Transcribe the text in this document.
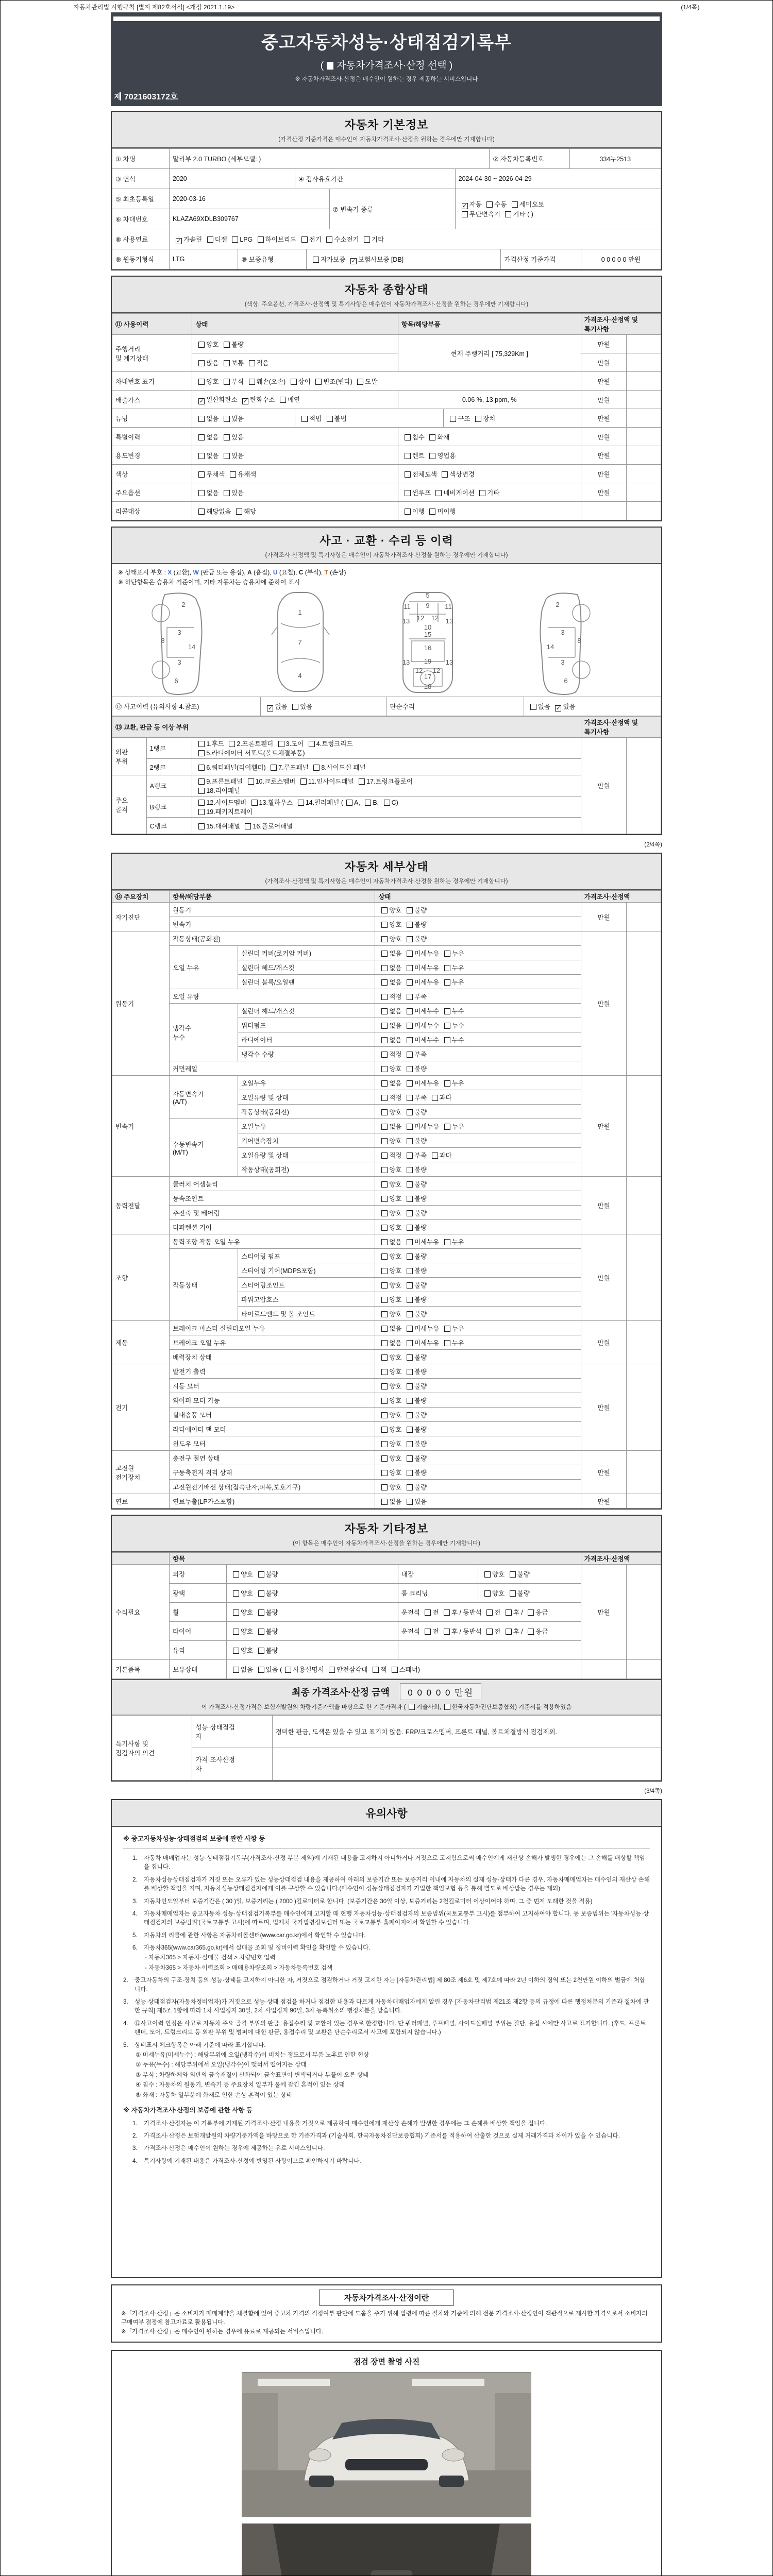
자동차관리법 시행규칙 [별지 제82호서식] <개정 2021.1.19>	(1/4쪽)
중고자동차성능·상태점검기록부
( 자동차가격조사·산정 선택 )
※ 자동차가격조사·산정은 매수인이 원하는 경우 제공하는 서비스입니다
제 7021603172호
자동차 기본정보
(가격산정 기준가격은 매수인이 자동차가격조사·산정을 원하는 경우에만 기재합니다)
① 차명	말리부 2.0 TURBO (세부모델: )						② 자동차등록번호		334누2513	
③ 연식	2020		④ 검사유효기간			2024-04-30 ~ 2026-04-29				
⑤ 최초등록일	2020-03-16				⑦ 변속기 종류	✓자동 수동 세미오토
무단변속기 기타 ( )
⑥ 차대번호	KLAZA69XDLB309767									
⑧ 사용연료	✓가솔린 디젤 LPG 하이브리드 전기 수소전기 기타
⑨ 원동기형식	LTG	⑩ 보증유형		자가보증 ✓보험사보증 [DB]				가격산정 기준가격		0 0 0 0 0 만원
자동차 종합상태
(색상, 주요옵션, 가격조사·산정액 및 특기사항은 매수인이 자동차가격조사·산정을 원하는 경우에만 기재합니다)
⑪ 사용이력	상태		항목/해당부품		가격조사·산정액 및 특기사항	
주행거리
및 계기상태	양호 불량		현재 주행거리 [ 75,329Km ]		만원	
	많음 보통 적음				만원	
차대번호 표기	양호 부식 훼손(오손) 상이 변조(변타) 도말				만원	
배출가스	✓일산화탄소 ✓탄화수소 매연		0.06 %, 13 ppm, %		만원	
튜닝	없음 있음	적법 불법		구조 장치	만원	
특별이력	없음 있음		침수 화재		만원	
용도변경	없음 있음		렌트 영업용		만원	
색상	무채색 유채색		전체도색 색상변경		만원	
주요옵션	없음 있음		썬루프 네비게이션 기타		만원	
리콜대상	해당없음 해당		이행 미이행			
사고 · 교환 · 수리 등 이력
(가격조사·산정액 및 특기사항은 매수인이 자동차가격조사·산정을 원하는 경우에만 기재합니다)
※ 상태표시 부호 : X (교환), W (판금 또는 용접), A (흠집), U (요철), C (부식), T (손상)
※ 하단항목은 승용차 기준이며, 기타 자동차는 승용차에 준하여 표시
2
8
3
14
3
6
1
7
4
5
11 9 11
13 12 12 13
10
15
16
19
13	13
12 12
17
18
2
8
3
14
3
6
⑫ 사고이력 (유의사항 4.참조)	✓없음 있음	단순수리	없음 ✓있음
⑬ 교환, 판금 등 이상 부위			가격조사·산정액 및 특기사항	
외판
부위	1랭크	1.후드 2.프론트휀더 3.도어 4.트렁크리드
5.라디에이터 서포트(볼트체결부품)	만원	
	2랭크	6.쿼터패널(리어휀더) 7.루프패널 8.사이드실 패널		
주요
골격	A랭크	9.프론트패널 10.크로스멤버 11.인사이드패널 17.트렁크플로어
18.리어패널		
	B랭크	12.사이드멤버 13.휠하우스 14.필러패널 ( A, B, C)
19.패키지트레이		
	C랭크	15.대쉬패널 16.플로어패널		
(2/4쪽)
자동차 세부상태
(가격조사·산정액 및 특기사항은 매수인이 자동차가격조사·산정을 원하는 경우에만 기재합니다)
⑭ 주요장치	항목/해당부품		상태	가격조사·산정액	
자기진단	원동기		양호 불량	만원	
	변속기		양호 불량		
원동기	작동상태(공회전)		양호 불량	만원	
	오일 누유	실린더 커버(로커암 커버)	없음 미세누유 누유		
		실린더 헤드/개스킷	없음 미세누유 누유		
		실린더 블록/오일팬	없음 미세누유 누유		
	오일 유량		적정 부족		
	냉각수
누수	실린더 헤드/개스킷	없음 미세누수 누수		
		워터펌프	없음 미세누수 누수		
		라디에이터	없음 미세누수 누수		
		냉각수 수량	적정 부족		
	커먼레일		양호 불량		
변속기	자동변속기
(A/T)	오일누유	없음 미세누유 누유	만원	
		오일유량 및 상태	적정 부족 과다		
		작동상태(공회전)	양호 불량		
	수동변속기
(M/T)	오일누유	없음 미세누유 누유		
		기어변속장치	양호 불량		
		오일유량 및 상태	적정 부족 과다		
		작동상태(공회전)	양호 불량		
동력전달	클러치 어셈블리		양호 불량	만원	
	등속조인트		양호 불량		
	추진축 및 베어링		양호 불량		
	디퍼렌셜 기어		양호 불량		
조향	동력조향 작동 오일 누유		없음 미세누유 누유	만원	
	작동상태	스티어링 펌프	양호 불량		
		스티어링 기어(MDPS포함)	양호 불량		
		스티어링조인트	양호 불량		
		파워고압호스	양호 불량		
		타이로드엔드 및 볼 조인트	양호 불량		
제동	브레이크 마스터 실린더오일 누유		없음 미세누유 누유	만원	
	브레이크 오일 누유		없음 미세누유 누유		
	배력장치 상태		양호 불량		
전기	발전기 출력		양호 불량	만원	
	시동 모터		양호 불량		
	와이퍼 모터 기능		양호 불량		
	실내송풍 모터		양호 불량		
	라디에이터 팬 모터		양호 불량		
	윈도우 모터		양호 불량		
고전원
전기장치	충전구 절연 상태		양호 불량	만원	
	구동축전지 격리 상태		양호 불량		
	고전원전기배선 상태(접속단자,피복,보호기구)		양호 불량		
연료	연료누출(LP가스포함)		없음 있음	만원	
자동차 기타정보
(이 항목은 매수인이 자동차가격조사·산정을 원하는 경우에만 기재합니다)
	항목				가격조사·산정액	
수리필요	외장	양호 불량	내장	양호 불량	만원	
	광택	양호 불량	룸 크리닝	양호 불량		
	휠	양호 불량	운전석 전 후 / 동반석 전 후 / 응급			
	타이어	양호 불량	운전석 전 후 / 동반석 전 후 / 응급			
	유리	양호 불량				
기본품목	보유상태	없음 있음 ( 사용설명서 안전삼각대 잭 스패너)				
최종 가격조사·산정 금액 0 0 0 0 0 만원
이 가격조사·산정가격은 보험개발원의 차량기준가액을 바탕으로 한 기준가격과 ( 기술사회, 한국자동차진단보증협회) 기준서를 적용하였음
특기사항 및
점검자의 의견	성능·상태점검
자	경미한 판금, 도색은 있을 수 있고 표기치 않음. FRP/크로스멤버, 프론트 패널, 볼트체결방식 점검제외.
	가격·조사산정
자	
(3/4쪽)
유의사항
※ 중고자동차성능·상태점검의 보증에 관한 사항 등
1.	자동차 매매업자는 성능·상태점검기록부(가격조사·산정 부분 제외)에 기재된 내용을 고지하지 아니하거나 거짓으로 고지함으로써 매수인에게 재산상 손해가 발생한 경우에는 그 손해를 배상할 책임을 집니다.
2.	자동차성능상태점검자가 거짓 또는 오류가 있는 성능상태점검 내용을 제공하여 아래의 보증기간 또는 보증거리 이내에 자동차의 실제 성능·상태가 다른 경우, 자동차매매업자는 매수인의 재산상 손해를 배상할 책임을 지며, 자동차성능상태점검자에게 이를 구상할 수 있습니다.(매수인이 성능상태점검자가 가입한 책임보험 등을 통해 별도로 배상받는 경우는 제외)
3.	자동차인도일부터 보증기간은 ( 30 )일, 보증거리는 ( 2000 )킬로미터로 합니다. (보증기간은 30일 이상, 보증거리는 2천킬로미터 이상이어야 하며, 그 중 먼저 도래한 것을 적용)
4.	자동차매매업자는 중고자동차 성능·상태점검기록부를 매수인에게 고지할 때 현행 자동차성능·상태점검자의 보증범위(국토교통부 고시)를 첨부하여 고지하여야 합니다. 동 보증범위는 '자동차성능·상태점검자의 보증범위'(국토교통부 고시)에 따르며, 법제처 국가법령정보센터 또는 국토교통부 홈페이지에서 확인할 수 있습니다.
5.	자동차의 리콜에 관한 사항은 자동차리콜센터(www.car.go.kr)에서 확인할 수 있습니다.
6.	자동차365(www.car365.go.kr)에서 실매물 조회 및 정비이력 확인을 확인할 수 있습니다.
- 자동차365 > 자동차·실매물 검색 > 차량번호 입력
- 자동차365 > 자동차·이력조회 > 매매용차량조회 > 자동차등록번호 검색
2.	중고자동차의 구조·장치 등의 성능·상태를 고지하지 아니한 자, 거짓으로 점검하거나 거짓 고지한 자는 [자동차관리법] 제 80조 제6호 및 제7호에 따라 2년 이하의 징역 또는 2천만원 이하의 벌금에 처합니다.
3.	성능·상태점검자(자동차정비업자)가 거짓으로 성능·상태 점검을 하거나 점검한 내용과 다르게 자동차매매업자에게 알린 경우 [자동차관리법 제21조 제2항 등의 규정에 따른 행정처분의 기준과 절차에 관한 규칙] 제5조 1항에 따라 1차 사업정지 30일, 2차 사업정지 90일, 3차 등록취소의 행정처분을 받습니다.
4.	⑫사고이력 인정은 사고로 자동차 주요 골격 부위의 판금, 용접수리 및 교환이 있는 경우로 한정합니다. 단 쿼터패널, 루프패널, 사이드실패널 부위는 절단, 용접 시에만 사고로 표기합니다. (후드, 프론트펜더, 도어, 트렁크리드 등 외판 부위 및 범퍼에 대한 판금, 용접수리 및 교환은 단순수리로서 사고에 포함되지 않습니다.)
5.	상태표시 체크항목은 아래 기준에 따라 표기합니다.
① 미세누유(미세누수) : 해당부위에 오일(냉각수)이 비치는 정도로서 부품 노후로 인한 현상
② 누유(누수) : 해당부위에서 오일(냉각수)이 맺혀서 떨어지는 상태
③ 부식 : 차량하체와 외판의 금속재질이 산화되어 금속표면이 변색되거나 부풀어 오른 상태
④ 침수 : 자동차의 원동기, 변속기 등 주요장치 일부가 물에 잠긴 흔적이 있는 상태
⑤ 화재 : 자동차 일부분에 화재로 인한 손상 흔적이 있는 상태
※ 자동차가격조사·산정의 보증에 관한 사항 등
1.	가격조사·산정자는 이 기록부에 기재된 가격조사·산정 내용을 거짓으로 제공하여 매수인에게 재산상 손해가 발생한 경우에는 그 손해를 배상할 책임을 집니다.
2.	가격조사·산정은 보험개발원의 차량기준가액을 바탕으로 한 기준가격과 (기술사회, 한국자동차진단보증협회) 기준서를 적용하여 산출한 것으로 실제 거래가격과 차이가 있을 수 있습니다.
3.	가격조사·산정은 매수인이 원하는 경우에 제공하는 유료 서비스입니다.
4.	특기사항에 기재된 내용은 가격조사·산정에 반영된 사항이므로 확인하시기 바랍니다.
자동차가격조사·산정이란
※「가격조사·산정」은 소비자가 매매계약을 체결함에 있어 중고차 가격의 적정여부 판단에 도움을 주기 위해 법령에 따른 절차와 기준에 의해 전문 가격조사·산정인이 객관적으로 제시한 가격으로서 소비자의 구매여부 결정에 참고자료로 활용됩니다.
※「가격조사·산정」은 매수인이 원하는 경우에 유료로 제공되는 서비스입니다.
점검 장면 촬영 사진
